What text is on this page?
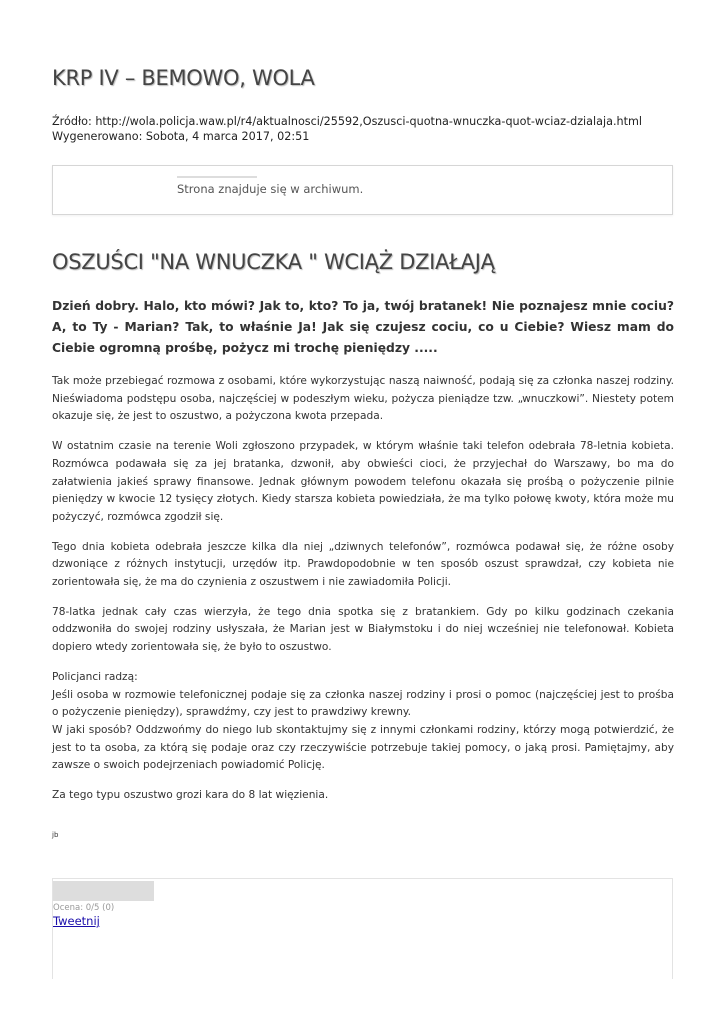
KRP IV – BEMOWO, WOLA
Źródło: http://wola.policja.waw.pl/r4/aktualnosci/25592,Oszusci-quotna-wnuczka-quot-wciaz-dzialaja.html
Wygenerowano: Sobota, 4 marca 2017, 02:51
Strona znajduje się w archiwum.
OSZUŚCI "NA WNUCZKA " WCIĄŻ DZIAŁAJĄ

Dzień dobry. Halo, kto mówi? Jak to, kto? To ja, twój bratanek! Nie poznajesz mnie cociu? A, to Ty - Marian? Tak, to właśnie Ja! Jak się czujesz cociu, co u Ciebie? Wiesz mam do Ciebie ogromną prośbę, pożycz mi trochę pieniędzy .....

Tak może przebiegać rozmowa z osobami, które wykorzystując naszą naiwność, podają się za członka naszej rodziny. Nieświadoma podstępu osoba, najczęściej w podeszłym wieku, pożycza pieniądze tzw. „wnuczkowi”. Niestety potem okazuje się, że jest to oszustwo, a pożyczona kwota przepada.

W ostatnim czasie na terenie Woli zgłoszono przypadek, w którym właśnie taki telefon odebrała 78-letnia kobieta. Rozmówca podawała się za jej bratanka, dzwonił, aby obwieści cioci, że przyjechał do Warszawy, bo ma do załatwienia jakieś sprawy finansowe. Jednak głównym powodem telefonu okazała się prośbą o pożyczenie pilnie pieniędzy w kwocie 12 tysięcy złotych. Kiedy starsza kobieta powiedziała, że ma tylko połowę kwoty, która może mu pożyczyć, rozmówca zgodził się.

Tego dnia kobieta odebrała jeszcze kilka dla niej „dziwnych telefonów”, rozmówca podawał się, że różne osoby dzwoniące z różnych instytucji, urzędów itp. Prawdopodobnie w ten sposób oszust sprawdzał, czy kobieta nie zorientowała się, że ma do czynienia z oszustwem i nie zawiadomiła Policji.

78-latka jednak cały czas wierzyła, że tego dnia spotka się z bratankiem. Gdy po kilku godzinach czekania oddzwoniła do swojej rodziny usłyszała, że Marian jest w Białymstoku i do niej wcześniej nie telefonował. Kobieta dopiero wtedy zorientowała się, że było to oszustwo.

Policjanci radzą:
Jeśli osoba w rozmowie telefonicznej podaje się za członka naszej rodziny i prosi o pomoc (najczęściej jest to prośba o pożyczenie pieniędzy), sprawdźmy, czy jest to prawdziwy krewny.
W jaki sposób? Oddzwońmy do niego lub skontaktujmy się z innymi członkami rodziny, którzy mogą potwierdzić, że jest to ta osoba, za którą się podaje oraz czy rzeczywiście potrzebuje takiej pomocy, o jaką prosi. Pamiętajmy, aby zawsze o swoich podejrzeniach powiadomić Policję.

Za tego typu oszustwo grozi kara do 8 lat więzienia.

jb
Ocena: 0/5 (0)
Tweetnij
